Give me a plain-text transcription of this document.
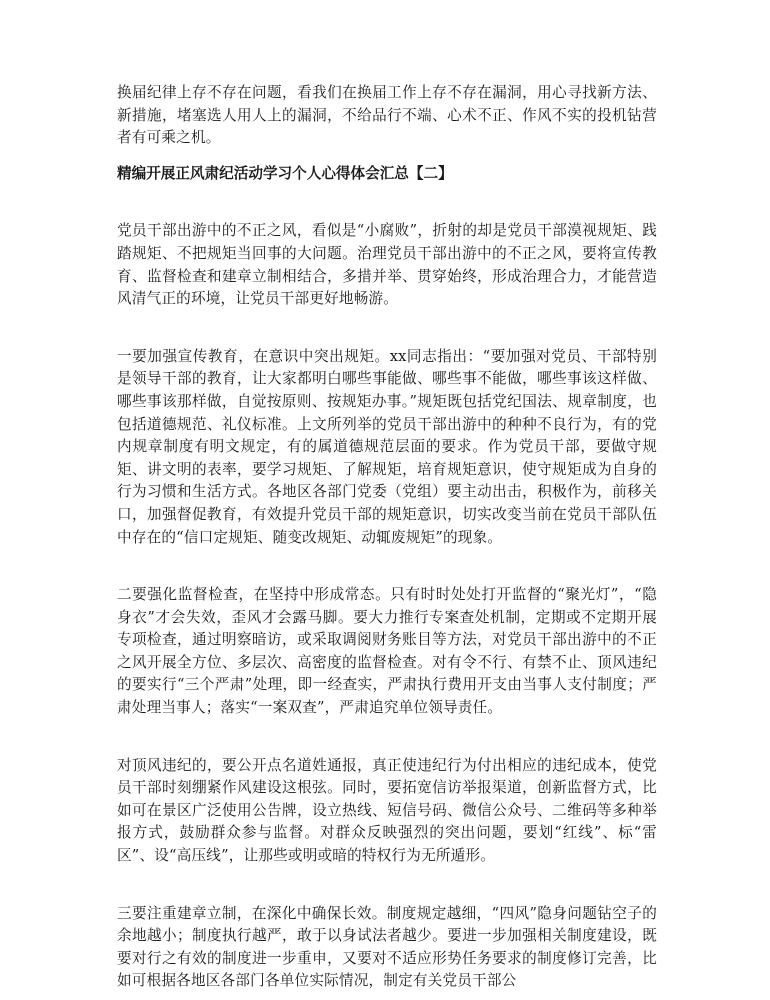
换届纪律上存不存在问题，看我们在换届工作上存不存在漏洞，用心寻找新方法、新措施，堵塞选人用人上的漏洞，不给品行不端、心术不正、作风不实的投机钻营者有可乘之机。

精编开展正风肃纪活动学习个人心得体会汇总【二】

党员干部出游中的不正之风，看似是“小腐败”，折射的却是党员干部漠视规矩、践踏规矩、不把规矩当回事的大问题。治理党员干部出游中的不正之风，要将宣传教育、监督检查和建章立制相结合，多措并举、贯穿始终，形成治理合力，才能营造风清气正的环境，让党员干部更好地畅游。

一要加强宣传教育，在意识中突出规矩。xx同志指出：“要加强对党员、干部特别是领导干部的教育，让大家都明白哪些事能做、哪些事不能做，哪些事该这样做、哪些事该那样做，自觉按原则、按规矩办事。”规矩既包括党纪国法、规章制度，也包括道德规范、礼仪标准。上文所列举的党员干部出游中的种种不良行为，有的党内规章制度有明文规定，有的属道德规范层面的要求。作为党员干部，要做守规矩、讲文明的表率，要学习规矩、了解规矩，培育规矩意识，使守规矩成为自身的行为习惯和生活方式。各地区各部门党委（党组）要主动出击，积极作为，前移关口，加强督促教育，有效提升党员干部的规矩意识，切实改变当前在党员干部队伍中存在的“信口定规矩、随变改规矩、动辄废规矩”的现象。

二要强化监督检查，在坚持中形成常态。只有时时处处打开监督的“聚光灯”，“隐身衣”才会失效，歪风才会露马脚。要大力推行专案查处机制，定期或不定期开展专项检查，通过明察暗访，或采取调阅财务账目等方法，对党员干部出游中的不正之风开展全方位、多层次、高密度的监督检查。对有令不行、有禁不止、顶风违纪的要实行“三个严肃”处理，即一经查实，严肃执行费用开支由当事人支付制度；严肃处理当事人；落实“一案双查”，严肃追究单位领导责任。

对顶风违纪的，要公开点名道姓通报，真正使违纪行为付出相应的违纪成本，使党员干部时刻绷紧作风建设这根弦。同时，要拓宽信访举报渠道，创新监督方式，比如可在景区广泛使用公告牌，设立热线、短信号码、微信公众号、二维码等多种举报方式，鼓励群众参与监督。对群众反映强烈的突出问题，要划“红线”、标“雷区”、设“高压线”，让那些或明或暗的特权行为无所遁形。

三要注重建章立制，在深化中确保长效。制度规定越细，“四风”隐身问题钻空子的余地越小；制度执行越严，敢于以身试法者越少。要进一步加强相关制度建设，既要对行之有效的制度进一步重申，又要对不适应形势任务要求的制度修订完善，比如可根据各地区各部门各单位实际情况，制定有关党员干部公
